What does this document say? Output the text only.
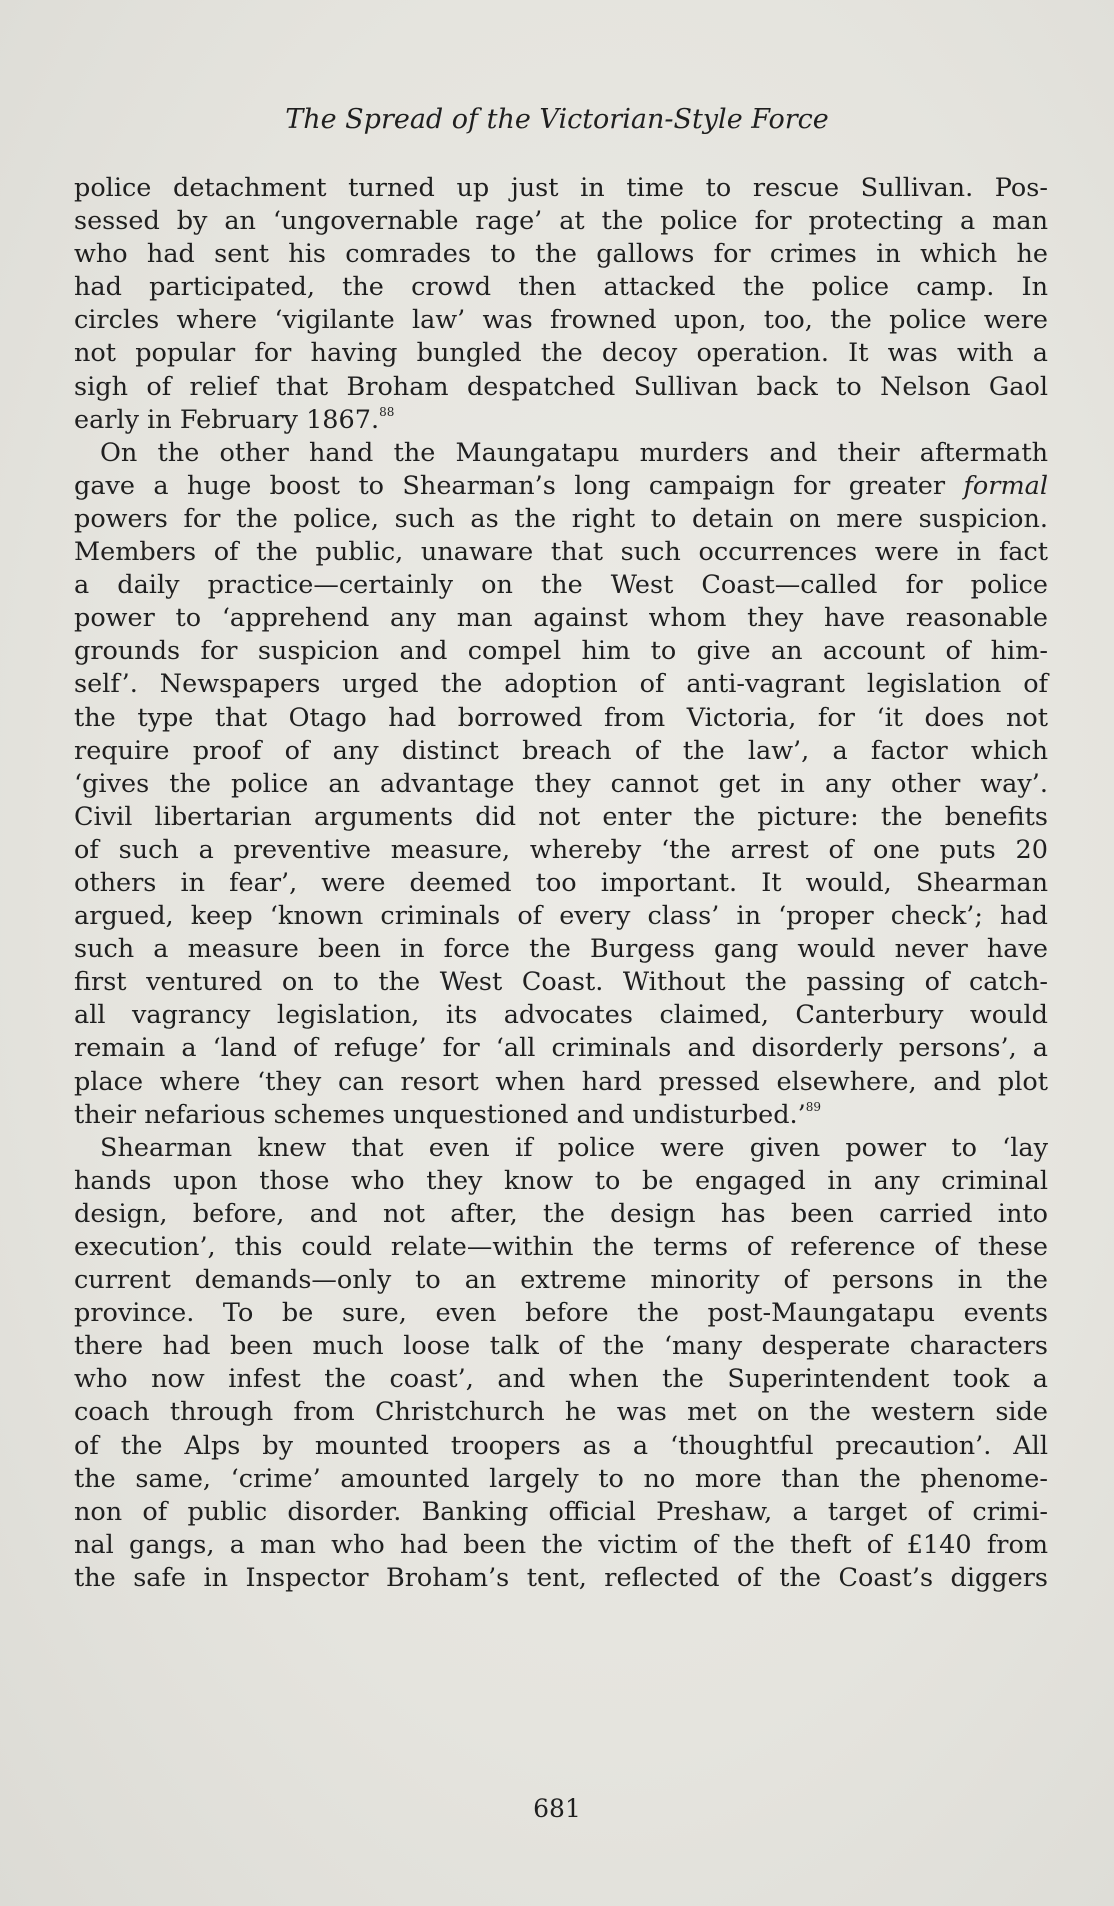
The Spread of the Victorian-Style Force
police detachment turned up just in time to rescue Sullivan. Pos-
sessed by an ‘ungovernable rage’ at the police for protecting a man
who had sent his comrades to the gallows for crimes in which he
had participated, the crowd then attacked the police camp. In
circles where ‘vigilante law’ was frowned upon, too, the police were
not popular for having bungled the decoy operation. It was with a
sigh of relief that Broham despatched Sullivan back to Nelson Gaol
early in February 1867.88
On the other hand the Maungatapu murders and their aftermath
gave a huge boost to Shearman’s long campaign for greater formal
powers for the police, such as the right to detain on mere suspicion.
Members of the public, unaware that such occurrences were in fact
a daily practice—certainly on the West Coast—called for police
power to ‘apprehend any man against whom they have reasonable
grounds for suspicion and compel him to give an account of him-
self’. Newspapers urged the adoption of anti-vagrant legislation of
the type that Otago had borrowed from Victoria, for ‘it does not
require proof of any distinct breach of the law’, a factor which
‘gives the police an advantage they cannot get in any other way’.
Civil libertarian arguments did not enter the picture: the benefits
of such a preventive measure, whereby ‘the arrest of one puts 20
others in fear’, were deemed too important. It would, Shearman
argued, keep ‘known criminals of every class’ in ‘proper check’; had
such a measure been in force the Burgess gang would never have
first ventured on to the West Coast. Without the passing of catch-
all vagrancy legislation, its advocates claimed, Canterbury would
remain a ‘land of refuge’ for ‘all criminals and disorderly persons’, a
place where ‘they can resort when hard pressed elsewhere, and plot
their nefarious schemes unquestioned and undisturbed.’$^{89}$
Shearman knew that even if police were given power to ‘lay
hands upon those who they know to be engaged in any criminal
design, before, and not after, the design has been carried into
execution’, this could relate—within the terms of reference of these
current demands—only to an extreme minority of persons in the
province. To be sure, even before the post-Maungatapu events
there had been much loose talk of the ‘many desperate characters
who now infest the coast’, and when the Superintendent took a
coach through from Christchurch he was met on the western side
of the Alps by mounted troopers as a ‘thoughtful precaution’. All
the same, ‘crime’ amounted largely to no more than the phenome-
non of public disorder. Banking official Preshaw, a target of crimi-
nal gangs, a man who had been the victim of the theft of £140 from
the safe in Inspector Broham’s tent, reflected of the Coast’s diggers
681
